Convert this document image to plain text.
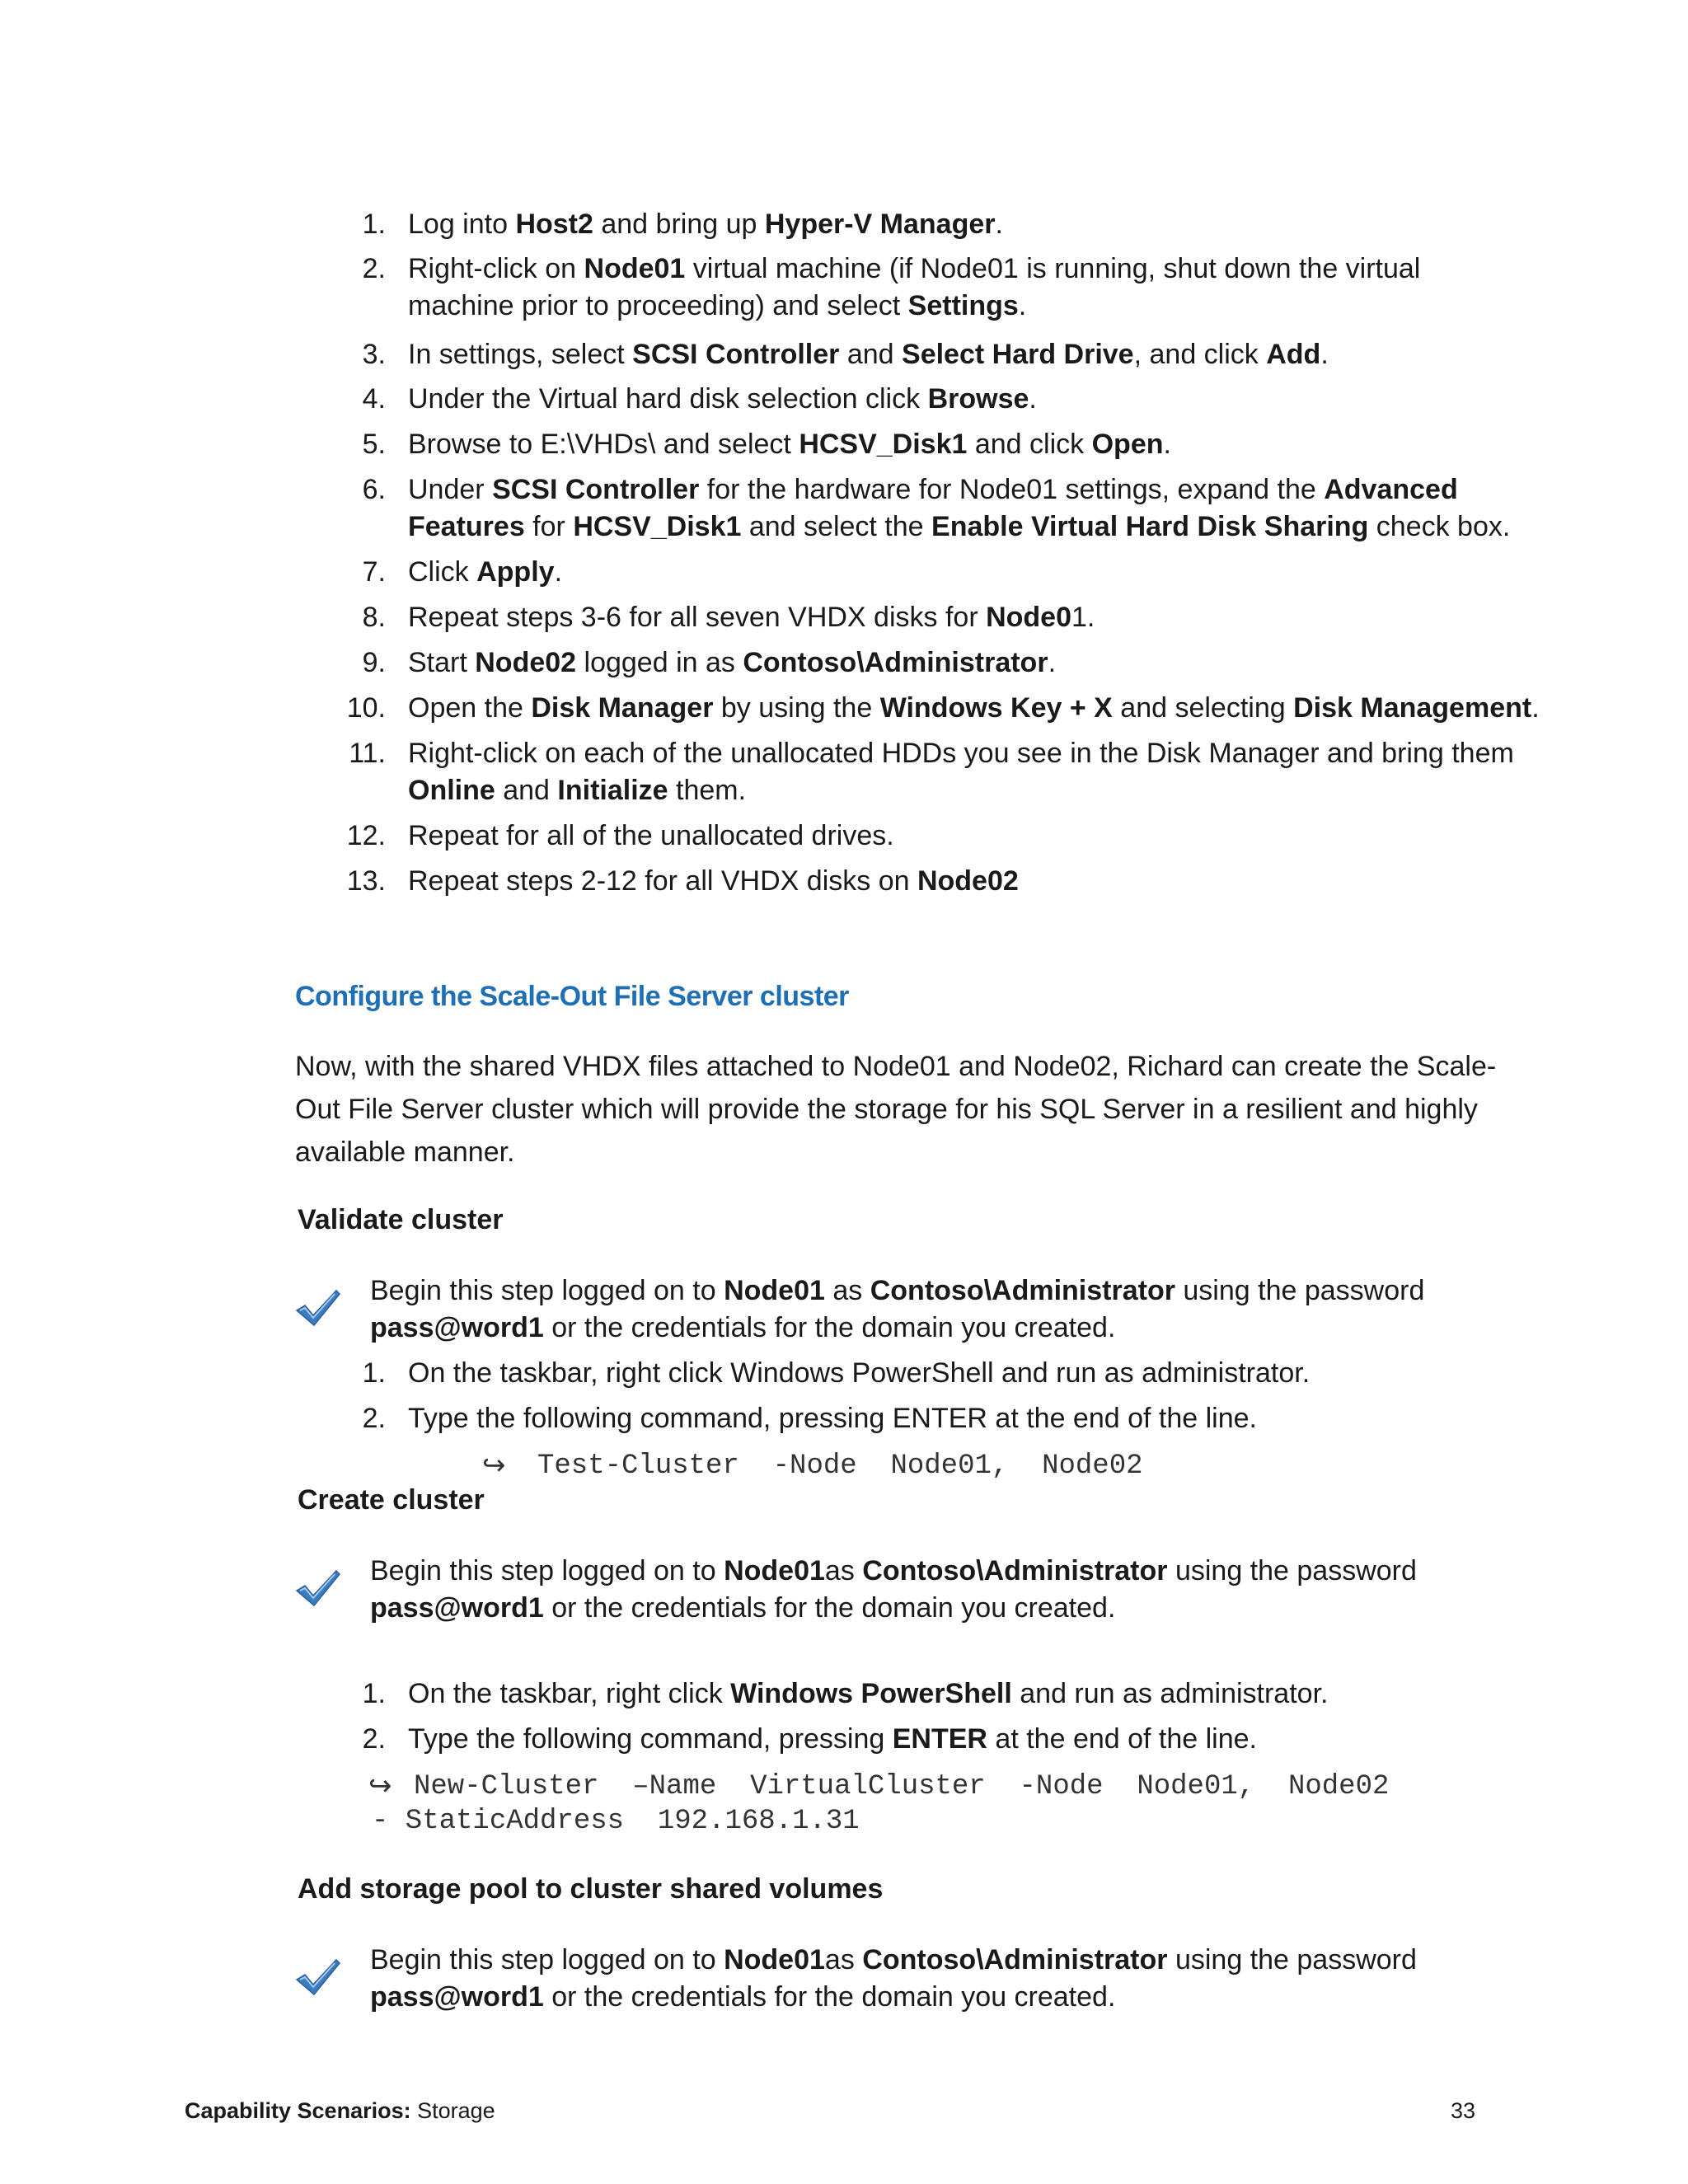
1. Log into Host2 and bring up Hyper-V Manager.
2. Right-click on Node01 virtual machine (if Node01 is running, shut down the virtual
machine prior to proceeding) and select Settings.
3. In settings, select SCSI Controller and Select Hard Drive, and click Add.
4. Under the Virtual hard disk selection click Browse.
5. Browse to E:\VHDs\ and select HCSV_Disk1 and click Open.
6. Under SCSI Controller for the hardware for Node01 settings, expand the Advanced
Features for HCSV_Disk1 and select the Enable Virtual Hard Disk Sharing check box.
7. Click Apply.
8. Repeat steps 3-6 for all seven VHDX disks for Node01.
9. Start Node02 logged in as Contoso\Administrator.
10. Open the Disk Manager by using the Windows Key + X and selecting Disk Management.
11. Right-click on each of the unallocated HDDs you see in the Disk Manager and bring them
Online and Initialize them.
12. Repeat for all of the unallocated drives.
13. Repeat steps 2-12 for all VHDX disks on Node02
Configure the Scale-Out File Server cluster
Now, with the shared VHDX files attached to Node01 and Node02, Richard can create the Scale-Out File Server cluster which will provide the storage for his SQL Server in a resilient and highly available manner.
Validate cluster
Begin this step logged on to Node01 as Contoso\Administrator using the password
pass@word1 or the credentials for the domain you created.
1. On the taskbar, right click Windows PowerShell and run as administrator.
2. Type the following command, pressing ENTER at the end of the line.
↪ Test-Cluster  -Node  Node01,  Node02
Create cluster
Begin this step logged on to Node01as Contoso\Administrator using the password
pass@word1 or the credentials for the domain you created.
1. On the taskbar, right click Windows PowerShell and run as administrator.
2. Type the following command, pressing ENTER at the end of the line.
↪ New-Cluster  –Name  VirtualCluster  -Node  Node01,  Node02
- StaticAddress  192.168.1.31
Add storage pool to cluster shared volumes
Begin this step logged on to Node01as Contoso\Administrator using the password
pass@word1 or the credentials for the domain you created.
Capability Scenarios: Storage	33
